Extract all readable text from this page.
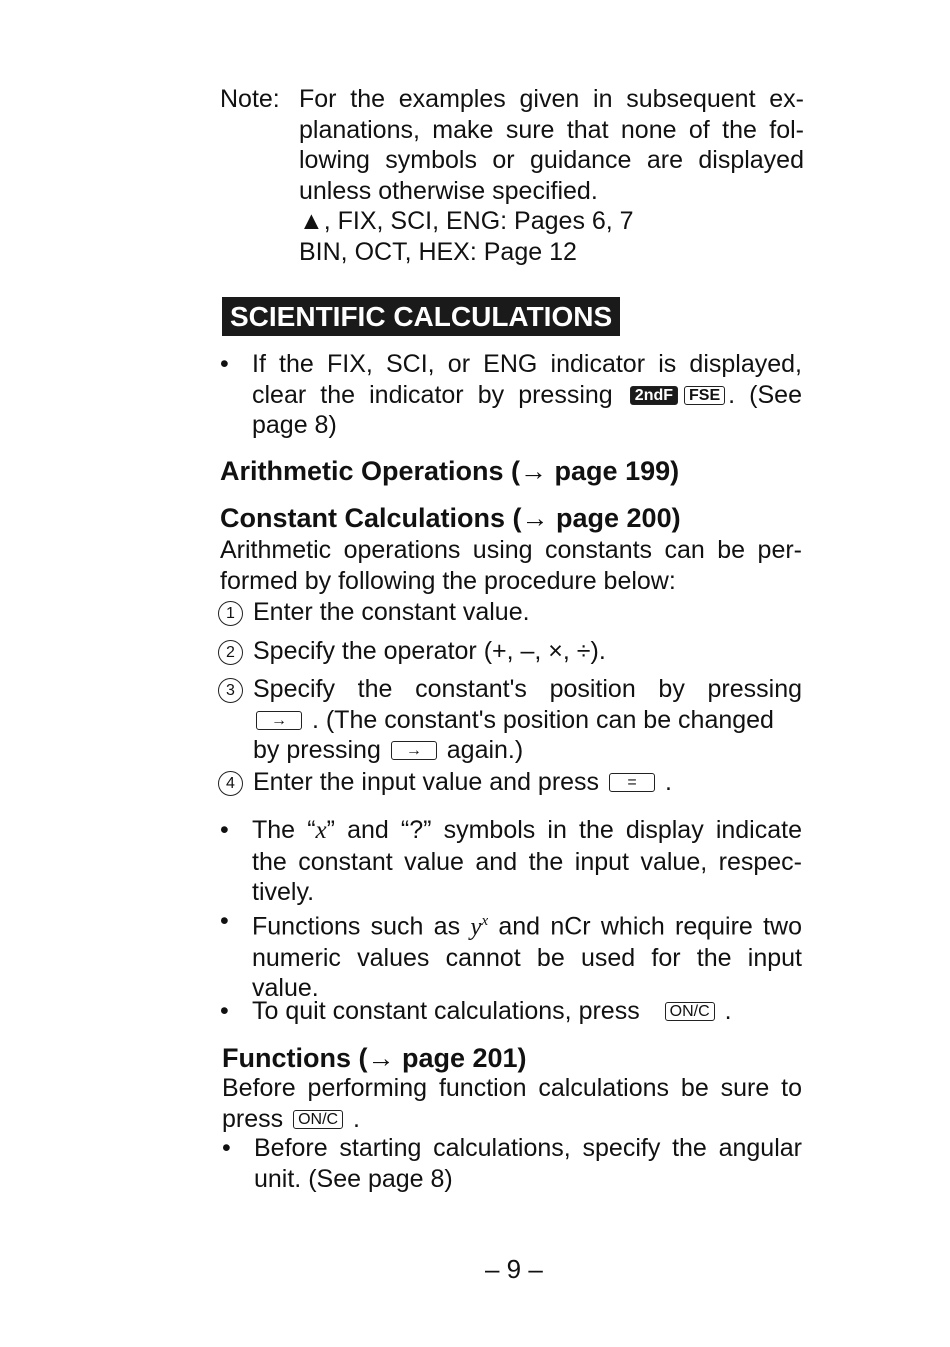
Note: For the examples given in subsequent ex-
planations, make sure that none of the fol-
lowing symbols or guidance are displayed
unless otherwise specified.
▲, FIX, SCI, ENG: Pages 6, 7
BIN, OCT, HEX: Page 12
SCIENTIFIC CALCULATIONS
• If the FIX, SCI, or ENG indicator is displayed,
clear the indicator by pressing 2ndF FSE . (See
page 8)
Arithmetic Operations (→ page 199)
Constant Calculations (→ page 200)
Arithmetic operations using constants can be per-
formed by following the procedure below:
1 Enter the constant value.
2 Specify the operator (+, –, ×, ÷).
3 Specify the constant's position by pressing
→ . (The constant's position can be changed
by pressing → again.)
4 Enter the input value and press = .
• The “x” and “?” symbols in the display indicate
the constant value and the input value, respec-
tively.
• Functions such as $y^x$ and nCr which require two
numeric values cannot be used for the input
value.
• To quit constant calculations, press ON/C .
Functions (→ page 201)
Before performing function calculations be sure to
press ON/C .
• Before starting calculations, specify the angular
unit. (See page 8)
– 9 –
